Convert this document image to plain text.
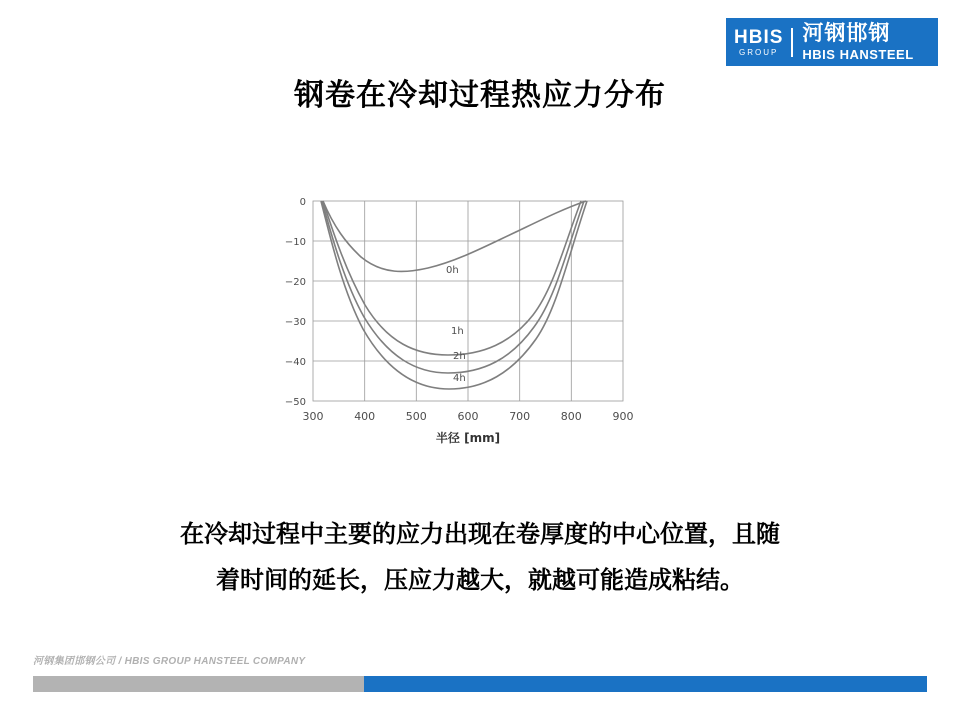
HBIS
GROUP
河钢邯钢
HBIS HANSTEEL
钢卷在冷却过程热应力分布
0
−10
−20
−30
−40
−50
300	400	500	600	700	800	900
0h
1h
2h
4h
半径 [mm]
在冷却过程中主要的应力出现在卷厚度的中心位置，且随
着时间的延长，压应力越大，就越可能造成粘结。
河钢集团邯钢公司 / HBIS GROUP HANSTEEL COMPANY
